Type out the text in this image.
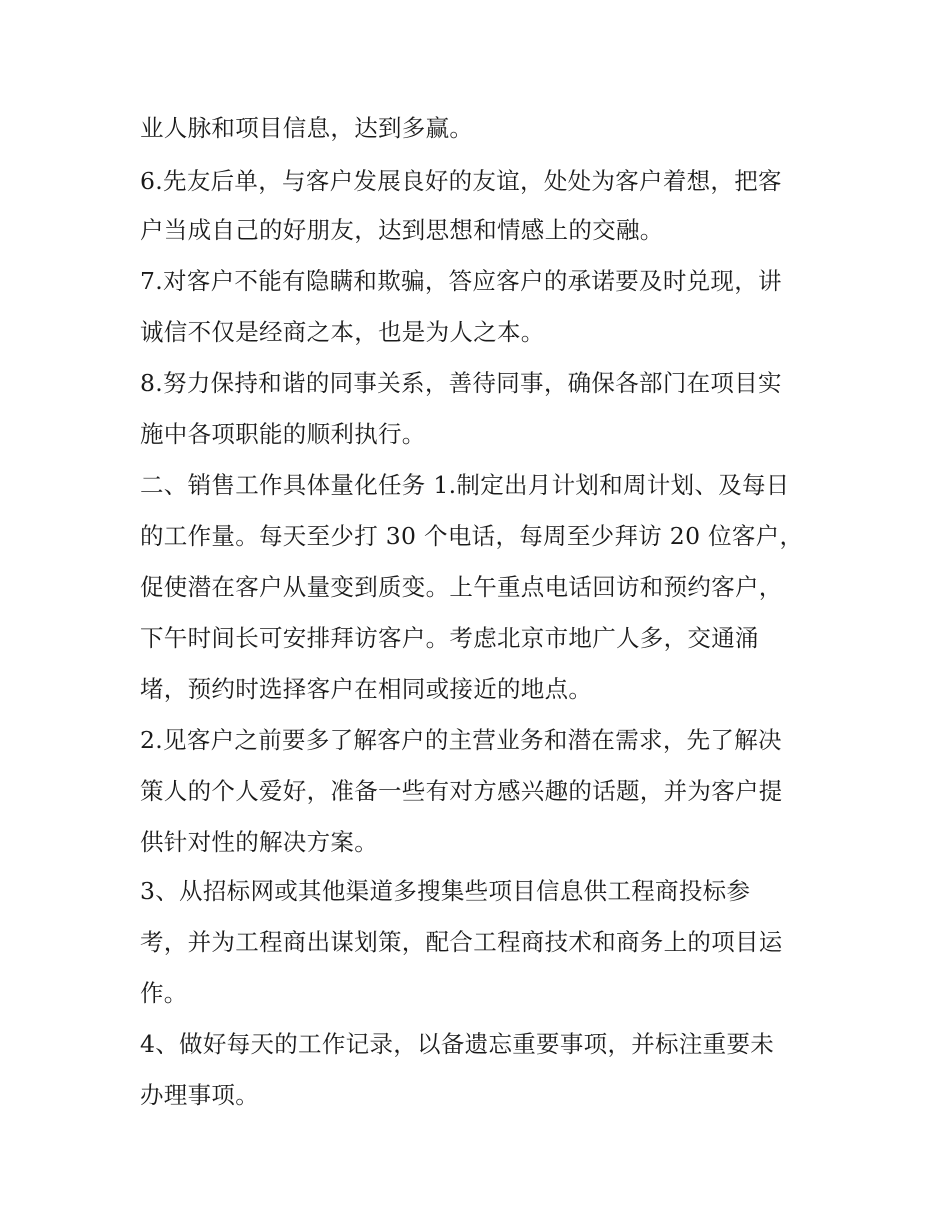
业人脉和项目信息，达到多赢。
6.先友后单，与客户发展良好的友谊，处处为客户着想，把客
户当成自己的好朋友，达到思想和情感上的交融。
7.对客户不能有隐瞒和欺骗，答应客户的承诺要及时兑现，讲
诚信不仅是经商之本，也是为人之本。
8.努力保持和谐的同事关系，善待同事，确保各部门在项目实
施中各项职能的顺利执行。
二、销售工作具体量化任务 1.制定出月计划和周计划、及每日
的工作量。每天至少打 30 个电话，每周至少拜访 20 位客户，
促使潜在客户从量变到质变。上午重点电话回访和预约客户，
下午时间长可安排拜访客户。考虑北京市地广人多，交通涌
堵，预约时选择客户在相同或接近的地点。
2.见客户之前要多了解客户的主营业务和潜在需求，先了解决
策人的个人爱好，准备一些有对方感兴趣的话题，并为客户提
供针对性的解决方案。
3、从招标网或其他渠道多搜集些项目信息供工程商投标参
考，并为工程商出谋划策，配合工程商技术和商务上的项目运
作。
4、做好每天的工作记录，以备遗忘重要事项，并标注重要未
办理事项。
